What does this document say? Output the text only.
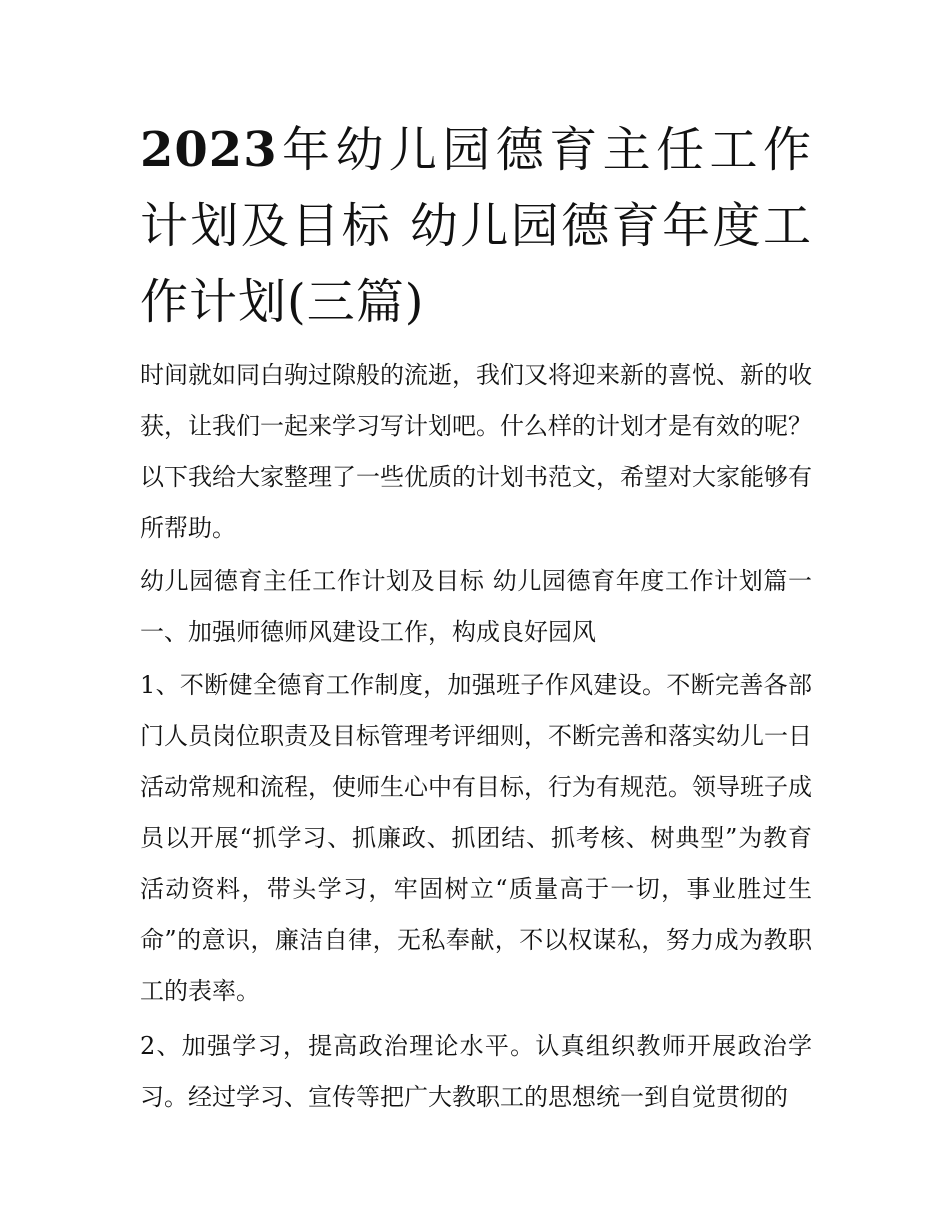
2023年幼儿园德育主任工作计划及目标 幼儿园德育年度工作计划(三篇)

时间就如同白驹过隙般的流逝，我们又将迎来新的喜悦、新的收获，让我们一起来学习写计划吧。什么样的计划才是有效的呢？以下我给大家整理了一些优质的计划书范文，希望对大家能够有所帮助。

幼儿园德育主任工作计划及目标 幼儿园德育年度工作计划篇一 一、加强师德师风建设工作，构成良好园风

1、不断健全德育工作制度，加强班子作风建设。不断完善各部门人员岗位职责及目标管理考评细则，不断完善和落实幼儿一日活动常规和流程，使师生心中有目标，行为有规范。领导班子成员以开展“抓学习、抓廉政、抓团结、抓考核、树典型”为教育活动资料，带头学习，牢固树立“质量高于一切，事业胜过生命”的意识，廉洁自律，无私奉献，不以权谋私，努力成为教职工的表率。

2、加强学习，提高政治理论水平。认真组织教师开展政治学习。经过学习、宣传等把广大教职工的思想统一到自觉贯彻的
